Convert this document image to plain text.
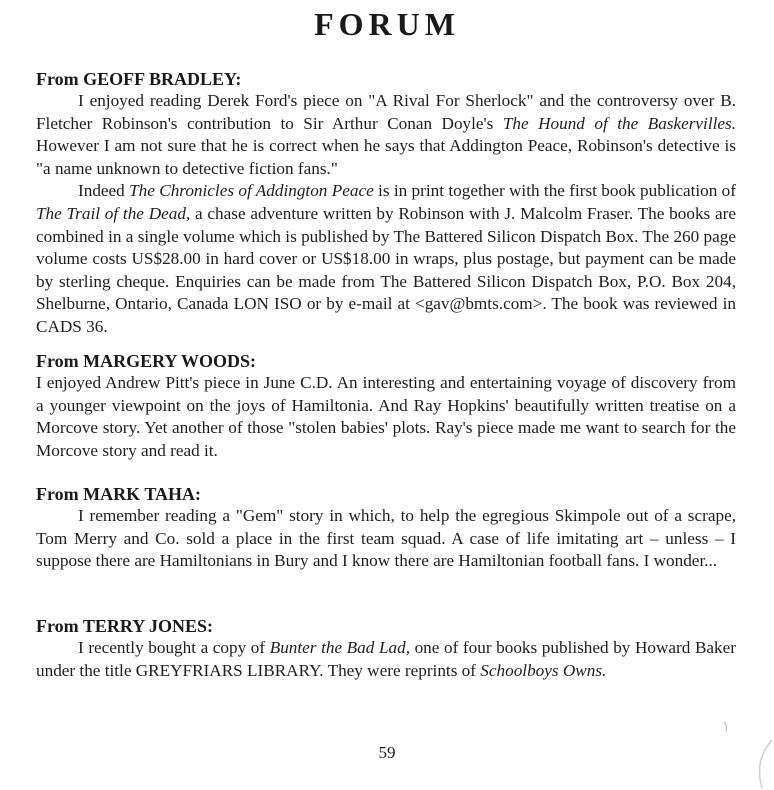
FORUM
From GEOFF BRADLEY:

I enjoyed reading Derek Ford's piece on "A Rival For Sherlock" and the controversy over B. Fletcher Robinson's contribution to Sir Arthur Conan Doyle's The Hound of the Baskervilles. However I am not sure that he is correct when he says that Addington Peace, Robinson's detective is "a name unknown to detective fiction fans."

Indeed The Chronicles of Addington Peace is in print together with the first book publication of The Trail of the Dead, a chase adventure written by Robinson with J. Malcolm Fraser. The books are combined in a single volume which is published by The Battered Silicon Dispatch Box. The 260 page volume costs US$28.00 in hard cover or US$18.00 in wraps, plus postage, but payment can be made by sterling cheque. Enquiries can be made from The Battered Silicon Dispatch Box, P.O. Box 204, Shelburne, Ontario, Canada LON ISO or by e-mail at <gav@bmts.com>. The book was reviewed in CADS 36.

From MARGERY WOODS:

I enjoyed Andrew Pitt's piece in June C.D. An interesting and entertaining voyage of discovery from a younger viewpoint on the joys of Hamiltonia. And Ray Hopkins' beautifully written treatise on a Morcove story. Yet another of those "stolen babies' plots. Ray's piece made me want to search for the Morcove story and read it.

From MARK TAHA:

I remember reading a "Gem" story in which, to help the egregious Skimpole out of a scrape, Tom Merry and Co. sold a place in the first team squad. A case of life imitating art – unless – I suppose there are Hamiltonians in Bury and I know there are Hamiltonian football fans. I wonder...

From TERRY JONES:

I recently bought a copy of Bunter the Bad Lad, one of four books published by Howard Baker under the title GREYFRIARS LIBRARY. They were reprints of Schoolboys Owns.

59
